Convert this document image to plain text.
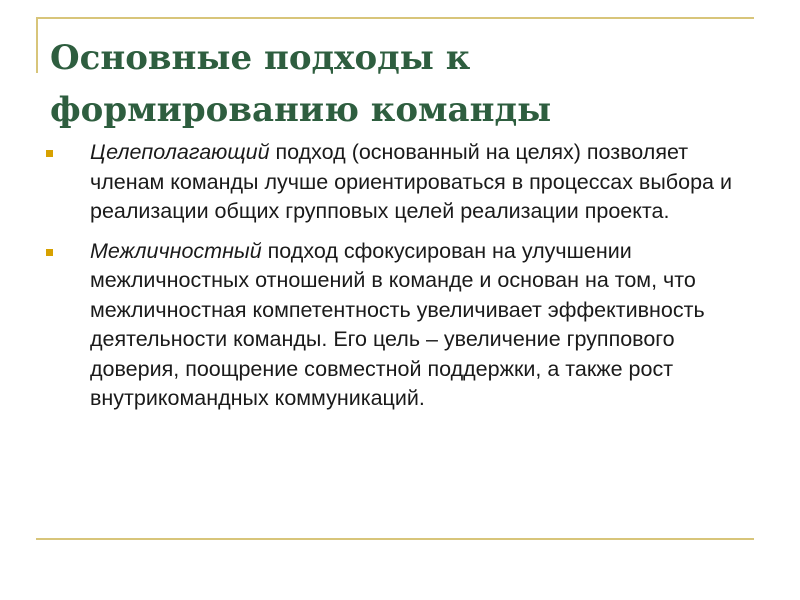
Основные подходы к
формированию команды
Целеполагающий подход (основанный на целях) позволяет членам команды лучше ориентироваться в процессах выбора и реализации общих групповых целей реализации проекта.
Межличностный подход сфокусирован на улучшении межличностных отношений в команде и основан на том, что межличностная компетентность увеличивает эффективность деятельности команды. Его цель – увеличение группового доверия, поощрение совместной поддержки, а также рост внутрикомандных коммуникаций.
